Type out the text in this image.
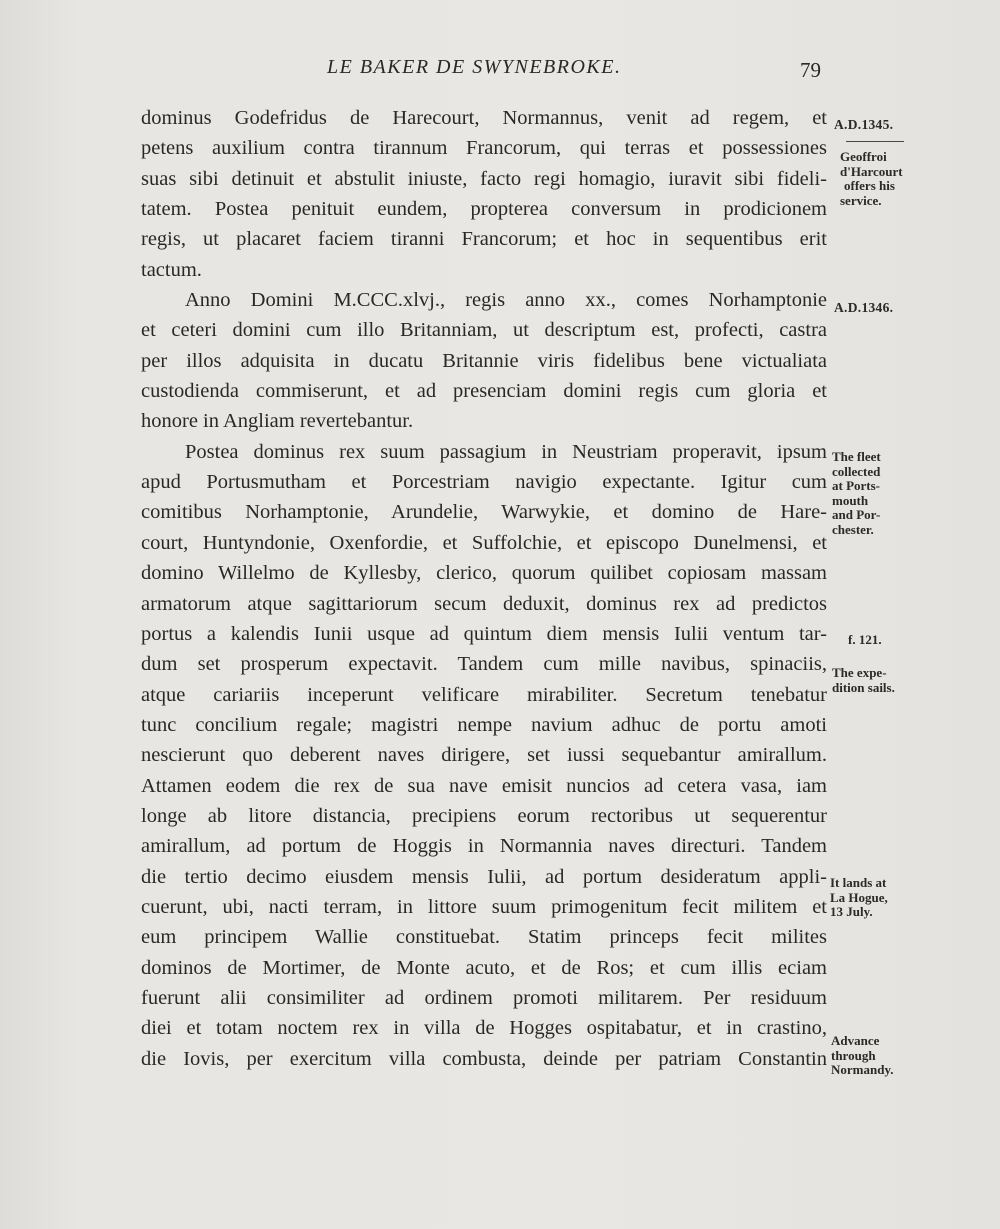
LE BAKER DE SWYNEBROKE.	79
dominus Godefridus de Harecourt, Normannus, venit ad regem, et
petens auxilium contra tirannum Francorum, qui terras et possessiones
suas sibi detinuit et abstulit iniuste, facto regi homagio, iuravit sibi fideli-
tatem. Postea penituit eundem, propterea conversum in prodicionem
regis, ut placaret faciem tiranni Francorum; et hoc in sequentibus erit
tactum.
Anno Domini M.CCC.xlvj., regis anno xx., comes Norhamptonie
et ceteri domini cum illo Britanniam, ut descriptum est, profecti, castra
per illos adquisita in ducatu Britannie viris fidelibus bene victualiata
custodienda commiserunt, et ad presenciam domini regis cum gloria et
honore in Angliam revertebantur.
Postea dominus rex suum passagium in Neustriam properavit, ipsum
apud Portusmutham et Porcestriam navigio expectante. Igitur cum
comitibus Norhamptonie, Arundelie, Warwykie, et domino de Hare-
court, Huntyndonie, Oxenfordie, et Suffolchie, et episcopo Dunelmensi, et
domino Willelmo de Kyllesby, clerico, quorum quilibet copiosam massam
armatorum atque sagittariorum secum deduxit, dominus rex ad predictos
portus a kalendis Iunii usque ad quintum diem mensis Iulii ventum tar-
dum set prosperum expectavit. Tandem cum mille navibus, spinaciis,
atque cariariis inceperunt velificare mirabiliter. Secretum tenebatur
tunc concilium regale; magistri nempe navium adhuc de portu amoti
nescierunt quo deberent naves dirigere, set iussi sequebantur amirallum.
Attamen eodem die rex de sua nave emisit nuncios ad cetera vasa, iam
longe ab litore distancia, precipiens eorum rectoribus ut sequerentur
amirallum, ad portum de Hoggis in Normannia naves directuri. Tandem
die tertio decimo eiusdem mensis Iulii, ad portum desideratum appli-
cuerunt, ubi, nacti terram, in littore suum primogenitum fecit militem et
eum principem Wallie constituebat. Statim princeps fecit milites
dominos de Mortimer, de Monte acuto, et de Ros; et cum illis eciam
fuerunt alii consimiliter ad ordinem promoti militarem. Per residuum
diei et totam noctem rex in villa de Hogges ospitabatur, et in crastino,
die Iovis, per exercitum villa combusta, deinde per patriam Constantin
A.D.1345.
Geoffroi
d'Harcourt
offers his
service.
A.D.1346.
The fleet
collected
at Ports-
mouth
and Por-
chester.
f. 121.
The expe-
dition sails.
It lands at
La Hogue,
13 July.
Advance
through
Normandy.
